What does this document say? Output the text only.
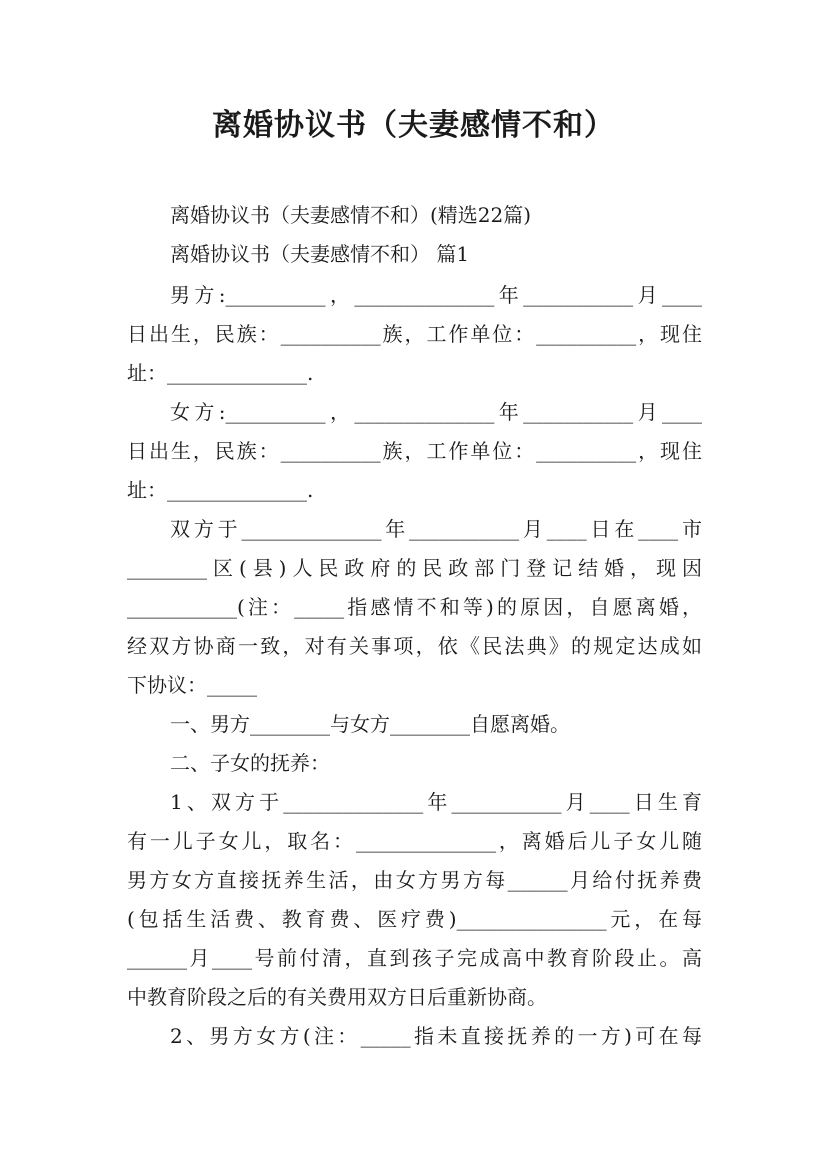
离婚协议书（夫妻感情不和）
离婚协议书（夫妻感情不和）(精选22篇)
离婚协议书（夫妻感情不和） 篇1
男方:__________，______________年___________月____
日出生，民族：__________族，工作单位：__________，现住
址：______________.
女方:__________，______________年___________月____
日出生，民族：__________族，工作单位：__________，现住
址：______________.
双方于______________年___________月____日在____市
________区(县)人民政府的民政部门登记结婚，现因
___________(注：_____指感情不和等)的原因，自愿离婚，
经双方协商一致，对有关事项，依《民法典》的规定达成如
下协议：_____
一、男方________与女方________自愿离婚。
二、子女的抚养：
1、双方于______________年___________月____日生育
有一儿子女儿，取名：______________，离婚后儿子女儿随
男方女方直接抚养生活，由女方男方每______月给付抚养费
(包括生活费、教育费、医疗费)_______________元，在每
______月____号前付清，直到孩子完成高中教育阶段止。高
中教育阶段之后的有关费用双方日后重新协商。
2、男方女方(注：_____指未直接抚养的一方)可在每
